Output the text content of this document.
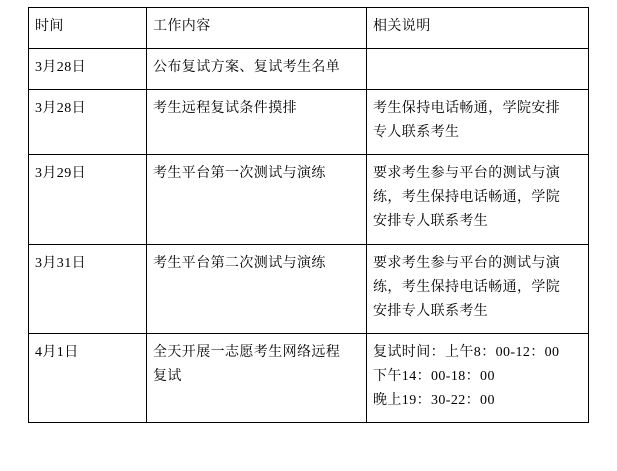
时间	工作内容	相关说明

3月28日	公布复试方案、复试考生名单	

3月28日	考生远程复试条件摸排	考生保持电话畅通，学院安排
专人联系考生

3月29日	考生平台第一次测试与演练	要求考生参与平台的测试与演
练，考生保持电话畅通，学院
安排专人联系考生

3月31日	考生平台第二次测试与演练	要求考生参与平台的测试与演
练，考生保持电话畅通，学院
安排专人联系考生

4月1日	全天开展一志愿考生网络远程
复试	复试时间：上午8：00-12：00
下午14：00-18：00
晚上19：30-22：00
